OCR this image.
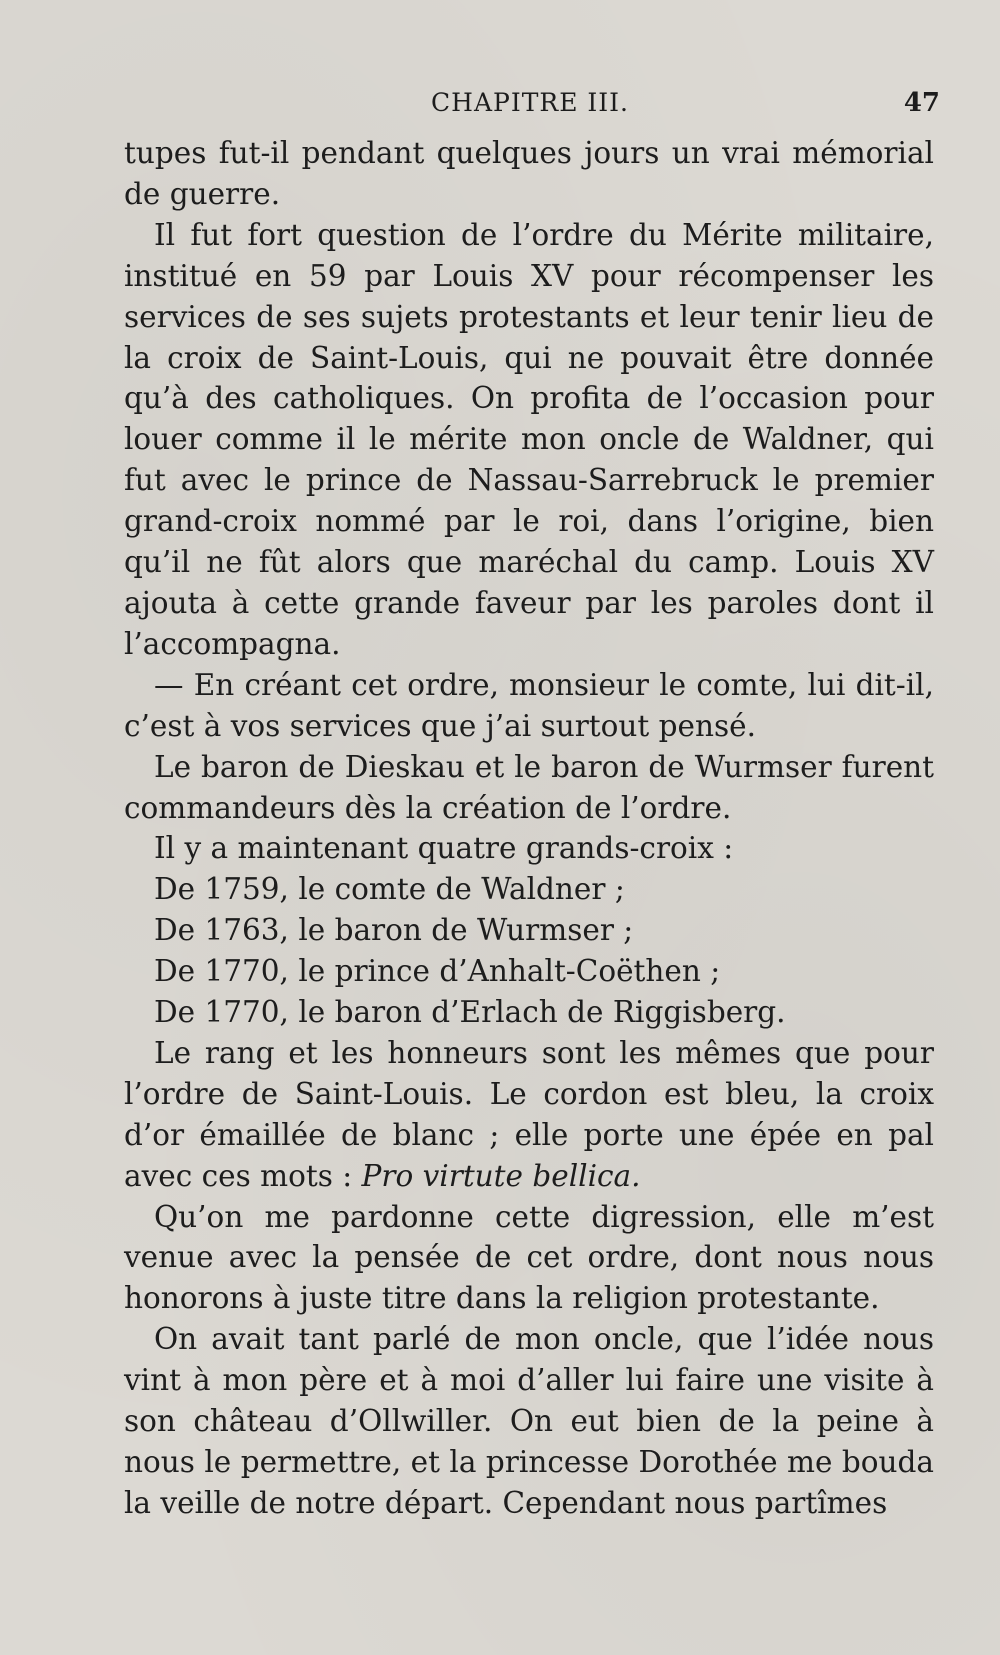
CHAPITRE III.	47

tupes fut-il pendant quelques jours un vrai mémorial de guerre.

Il fut fort question de l’ordre du Mérite militaire, institué en 59 par Louis XV pour récompenser les services de ses sujets protestants et leur tenir lieu de la croix de Saint-Louis, qui ne pouvait être donnée qu’à des catholiques. On profita de l’occasion pour louer comme il le mérite mon oncle de Waldner, qui fut avec le prince de Nassau-Sarrebruck le premier grand-croix nommé par le roi, dans l’origine, bien qu’il ne fût alors que maréchal du camp. Louis XV ajouta à cette grande faveur par les paroles dont il l’accompagna.

— En créant cet ordre, monsieur le comte, lui dit-il, c’est à vos services que j’ai surtout pensé.

Le baron de Dieskau et le baron de Wurmser furent commandeurs dès la création de l’ordre.

Il y a maintenant quatre grands-croix :

De 1759, le comte de Waldner ;

De 1763, le baron de Wurmser ;

De 1770, le prince d’Anhalt-Coëthen ;

De 1770, le baron d’Erlach de Riggisberg.

Le rang et les honneurs sont les mêmes que pour l’ordre de Saint-Louis. Le cordon est bleu, la croix d’or émaillée de blanc ; elle porte une épée en pal avec ces mots : Pro virtute bellica.

Qu’on me pardonne cette digression, elle m’est venue avec la pensée de cet ordre, dont nous nous honorons à juste titre dans la religion protestante.

On avait tant parlé de mon oncle, que l’idée nous vint à mon père et à moi d’aller lui faire une visite à son château d’Ollwiller. On eut bien de la peine à nous le permettre, et la princesse Dorothée me bouda la veille de notre départ. Cependant nous partîmes
